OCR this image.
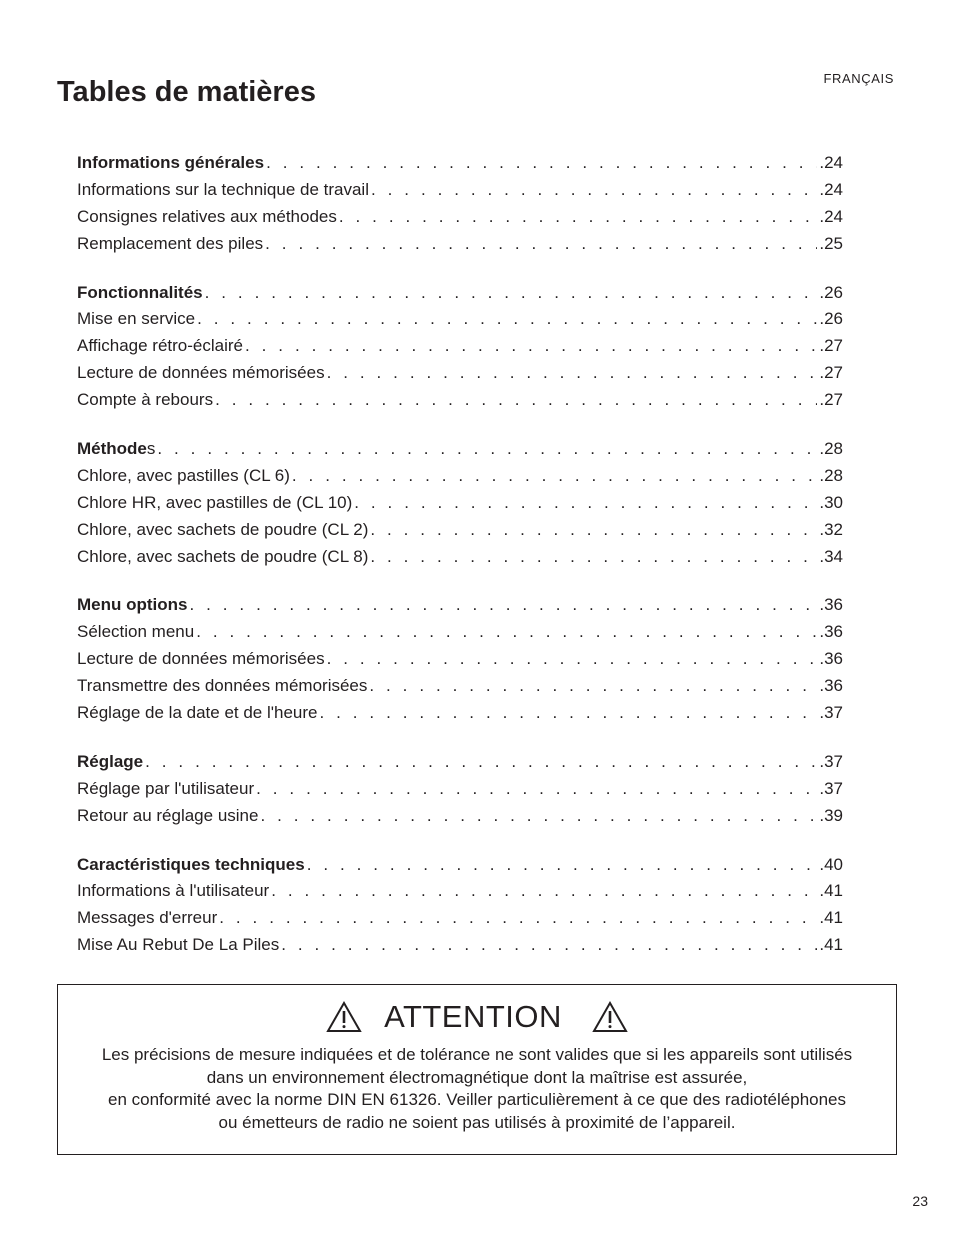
FRANÇAIS
Tables de matières
Informations générales . . .	.24
Informations sur la technique de travail . . .	.24
Consignes relatives aux méthodes . . .	.24
Remplacement des piles . . .	.25
Fonctionnalités . . .	.26
Mise en service . . .	.26
Affichage rétro-éclairé . . .	.27
Lecture de données mémorisées . . .	.27
Compte à rebours . . .	.27
Méthodes . . .	.28
Chlore, avec pastilles (CL 6) . . .	.28
Chlore HR, avec pastilles de (CL 10) . . .	.30
Chlore, avec sachets de poudre (CL 2) . . .	.32
Chlore, avec sachets de poudre (CL 8) . . .	.34
Menu options . . .	.36
Sélection menu . . .	.36
Lecture de données mémorisées . . .	.36
Transmettre des données mémorisées . . .	.36
Réglage de la date et de l'heure . . .	.37
Réglage . . .	.37
Réglage par l'utilisateur . . .	.37
Retour au réglage usine . . .	.39
Caractéristiques techniques . . .	.40
Informations à l'utilisateur . . .	.41
Messages d'erreur . . .	.41
Mise Au Rebut De La Piles . . .	.41
ATTENTION
Les précisions de mesure indiquées et de tolérance ne sont valides que si les appareils sont utilisés
dans un environnement électromagnétique dont la maîtrise est assurée,
en conformité avec la norme DIN EN 61326. Veiller particulièrement à ce que des radiotéléphones
ou émetteurs de radio ne soient pas utilisés à proximité de l’appareil.
23
